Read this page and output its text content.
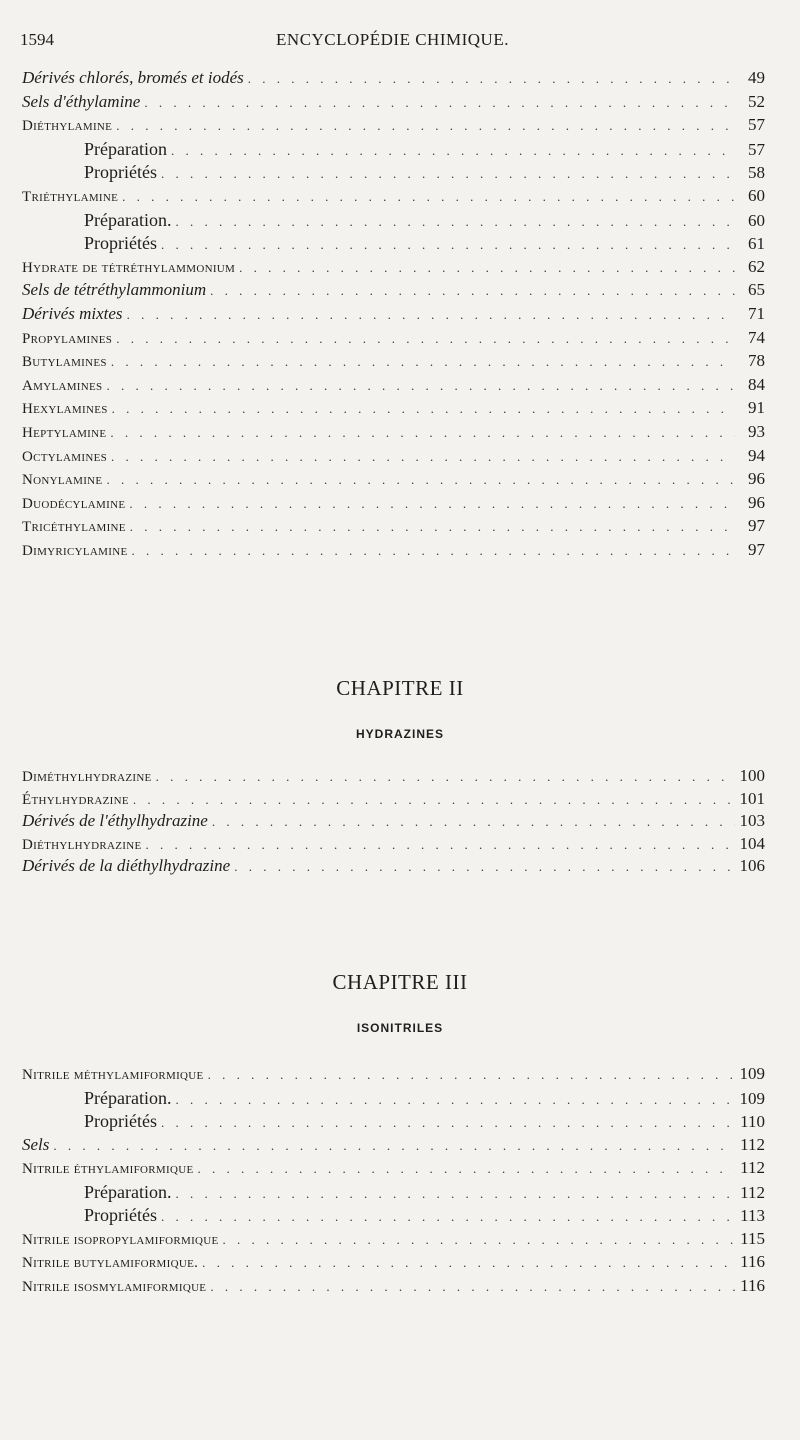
1594	ENCYCLOPÉDIE CHIMIQUE.
Dérivés chlorés, bromés et iodés . . .	49
Sels d'éthylamine . . .	52
Diéthylamine . . .	57
Préparation . . .	57
Propriétés . . .	58
Triéthylamine . . .	60
Préparation. . . .	60
Propriétés . . .	61
Hydrate de tétréthylammonium . . .	62
Sels de tétréthylammonium . . .	65
Dérivés mixtes . . .	71
Propylamines . . .	74
Butylamines . . .	78
Amylamines . . .	84
Hexylamines . . .	91
Heptylamine . . .	93
Octylamines . . .	94
Nonylamine . . .	96
Duodécylamine . . .	96
Tricéthylamine . . .	97
Dimyricylamine . . .	97
CHAPITRE II
HYDRAZINES
Diméthylhydrazine . . .	100
Éthylhydrazine . . .	101
Dérivés de l'éthylhydrazine . . .	103
Diéthylhydrazine . . .	104
Dérivés de la diéthylhydrazine . . .	106
CHAPITRE III
ISONITRILES
Nitrile méthylamiformique . . .	109
Préparation. . . .	109
Propriétés . . .	110
Sels . . .	112
Nitrile éthylamiformique . . .	112
Préparation. . . .	112
Propriétés . . .	113
Nitrile isopropylamiformique . . .	115
Nitrile butylamiformique. . . .	116
Nitrile isosmylamiformique . . .	116
